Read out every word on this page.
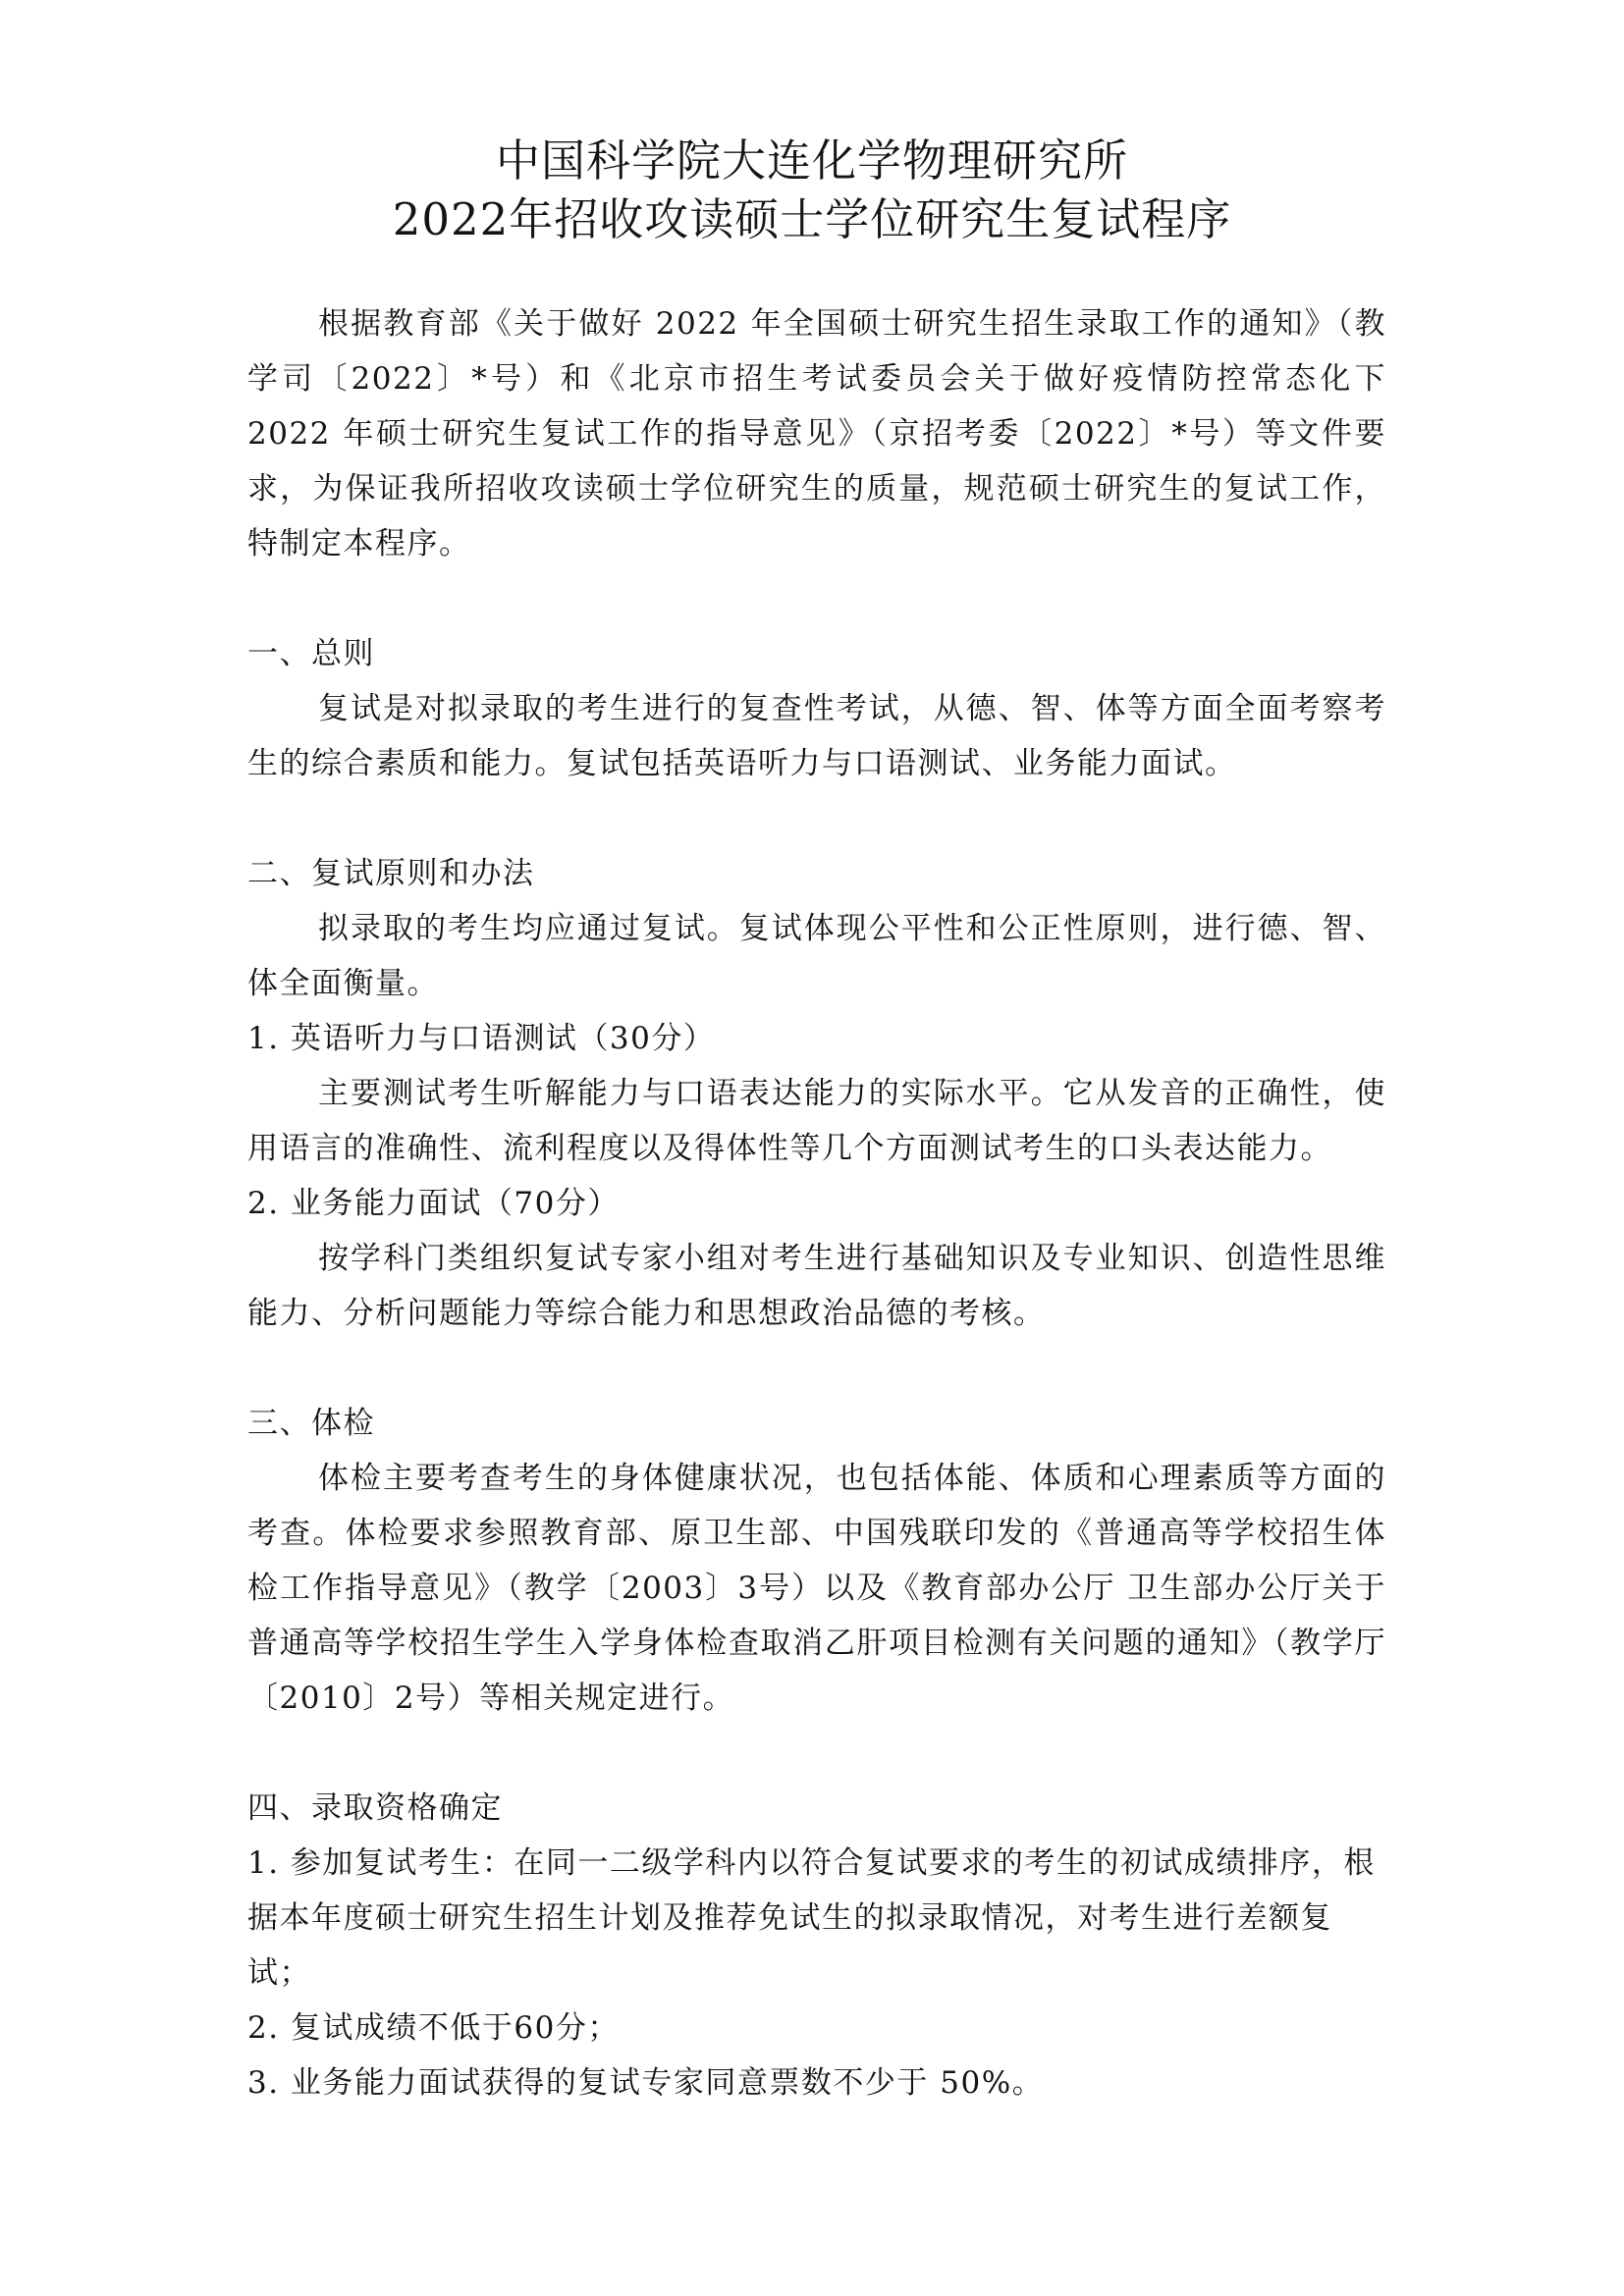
中国科学院大连化学物理研究所
2022年招收攻读硕士学位研究生复试程序

根据教育部《关于做好 2022 年全国硕士研究生招生录取工作的通知》（教学司〔2022〕*号）和《北京市招生考试委员会关于做好疫情防控常态化下 2022 年硕士研究生复试工作的指导意见》（京招考委〔2022〕*号）等文件要求，为保证我所招收攻读硕士学位研究生的质量，规范硕士研究生的复试工作，特制定本程序。

一、总则

复试是对拟录取的考生进行的复查性考试，从德、智、体等方面全面考察考生的综合素质和能力。复试包括英语听力与口语测试、业务能力面试。

二、复试原则和办法

拟录取的考生均应通过复试。复试体现公平性和公正性原则，进行德、智、体全面衡量。

1. 英语听力与口语测试（30分）

主要测试考生听解能力与口语表达能力的实际水平。它从发音的正确性，使用语言的准确性、流利程度以及得体性等几个方面测试考生的口头表达能力。

2. 业务能力面试（70分）

按学科门类组织复试专家小组对考生进行基础知识及专业知识、创造性思维能力、分析问题能力等综合能力和思想政治品德的考核。

三、体检

体检主要考查考生的身体健康状况，也包括体能、体质和心理素质等方面的考查。体检要求参照教育部、原卫生部、中国残联印发的《普通高等学校招生体检工作指导意见》（教学〔2003〕3号）以及《教育部办公厅 卫生部办公厅关于普通高等学校招生学生入学身体检查取消乙肝项目检测有关问题的通知》（教学厅〔2010〕2号）等相关规定进行。

四、录取资格确定

1. 参加复试考生：在同一二级学科内以符合复试要求的考生的初试成绩排序，根据本年度硕士研究生招生计划及推荐免试生的拟录取情况，对考生进行差额复试；

2. 复试成绩不低于60分；

3. 业务能力面试获得的复试专家同意票数不少于 50%。
